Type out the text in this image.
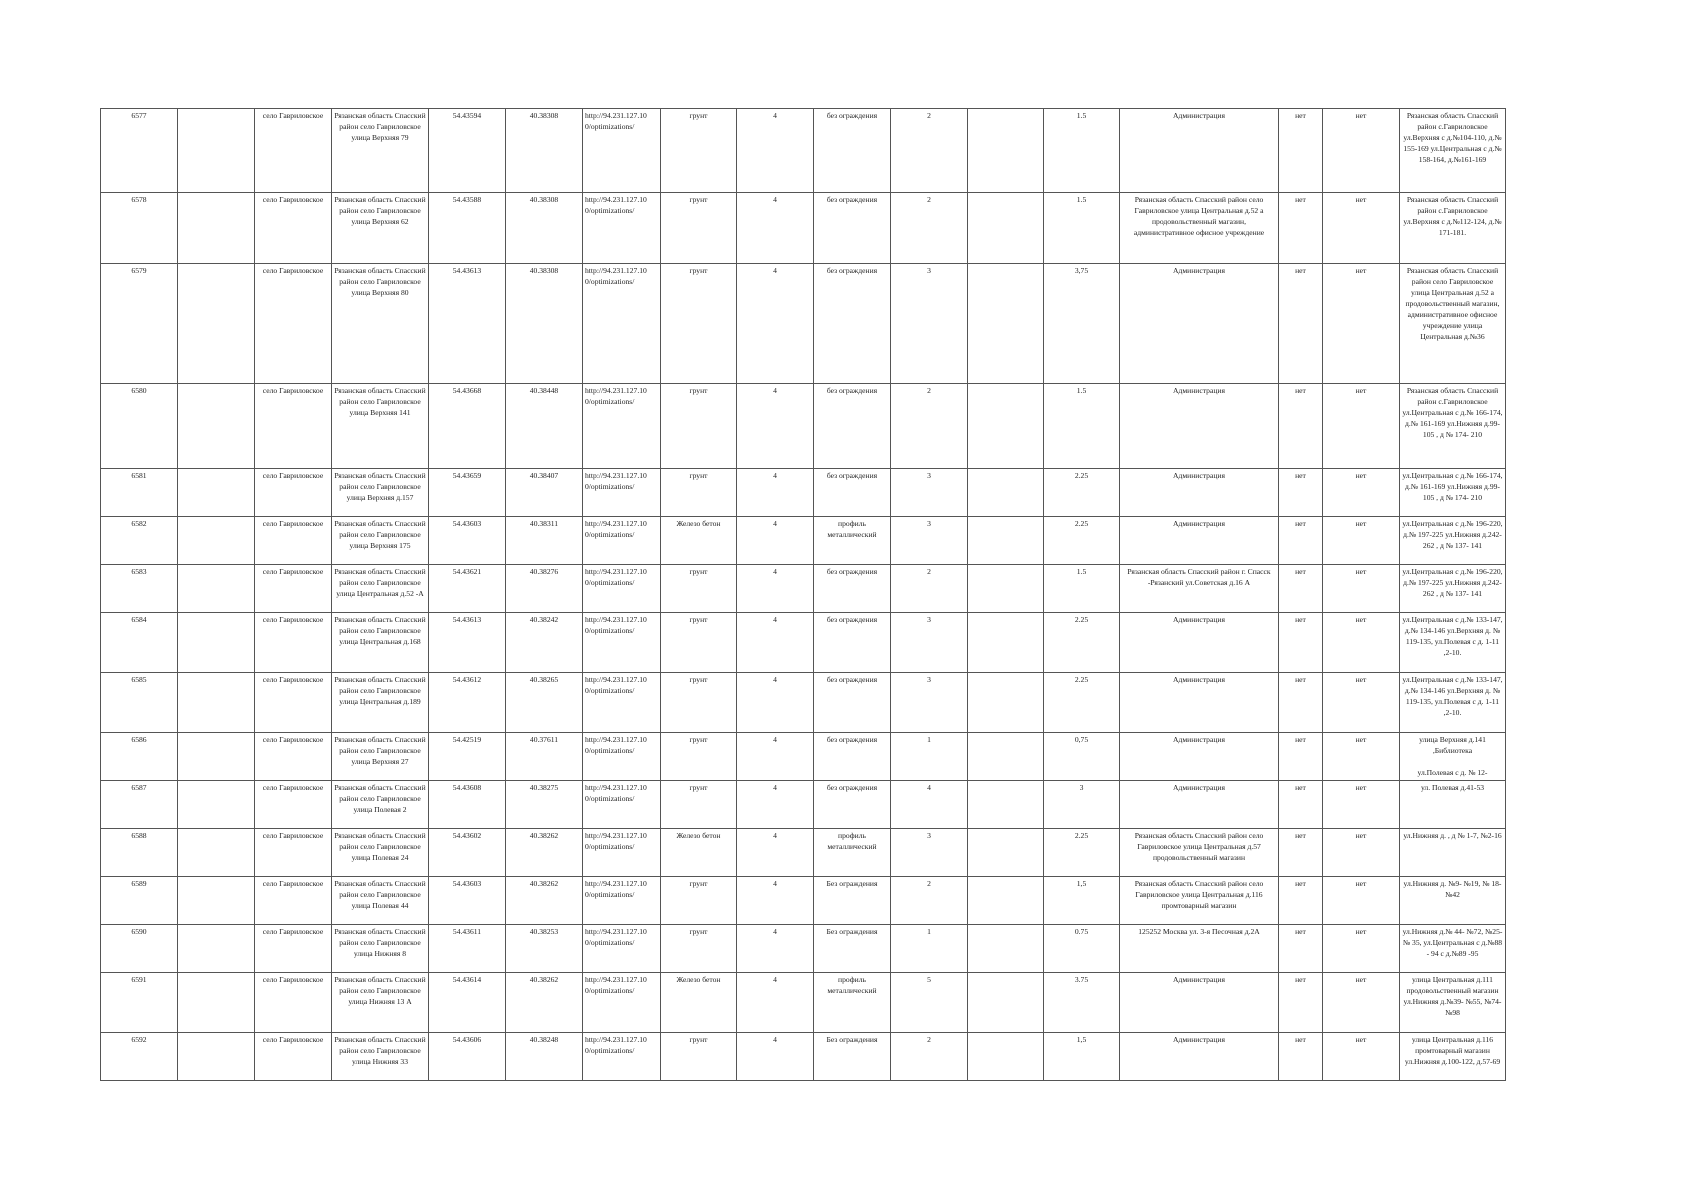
6577		село Гавриловское	Рязанская область Спасский район село Гавриловское улица Верхняя 79	54.43594	40.38308	http://94.231.127.10 0/optimizations/	грунт	4	без ограждения	2		1.5	Администрация	нет	нет	Рязанская область Спасский район с.Гавриловское ул.Верхняя с д.№104-110, д.№ 155-169 ул.Центральная с д.№ 158-164, д.№161-169
6578		село Гавриловское	Рязанская область Спасский район село Гавриловское улица Верхняя 62	54.43588	40.38308	http://94.231.127.10 0/optimizations/	грунт	4	без ограждения	2		1.5	Рязанская область Спасский район село Гавриловское улица Центральная д.52 а продовольственный магазин, административное офисное учреждение	нет	нет	Рязанская область Спасский район с.Гавриловское ул.Верхняя с д.№112-124, д.№ 171-181.
6579		село Гавриловское	Рязанская область Спасский район село Гавриловское улица Верхняя 80	54.43613	40.38308	http://94.231.127.10 0/optimizations/	грунт	4	без ограждения	3		3,75	Администрация	нет	нет	Рязанская область Спасский район село Гавриловское улица Центральная д.52 а продовольственный магазин, административное офисное учреждение улица Центральная д.№36
6580		село Гавриловское	Рязанская область Спасский район село Гавриловское улица Верхняя 141	54.43668	40.38448	http://94.231.127.10 0/optimizations/	грунт	4	без ограждения	2		1.5	Администрация	нет	нет	Рязанская область Спасский район с.Гавриловское ул.Центральная с д.№ 166-174, д.№ 161-169 ул.Нижняя д.99-105 , д № 174- 210
6581		село Гавриловское	Рязанская область Спасский район село Гавриловское улица Верхняя д.157	54.43659	40.38407	http://94.231.127.10 0/optimizations/	грунт	4	без ограждения	3		2.25	Администрация	нет	нет	ул.Центральная с д.№ 166-174, д.№ 161-169 ул.Нижняя д.99-105 , д № 174- 210
6582		село Гавриловское	Рязанская область Спасский район село Гавриловское улица Верхняя 175	54.43603	40.38311	http://94.231.127.10 0/optimizations/	Железо бетон	4	профиль металлический	3		2.25	Администрация	нет	нет	ул.Центральная с д.№ 196-220, д.№ 197-225 ул.Нижняя д.242-262 , д № 137- 141
6583		село Гавриловское	Рязанская область Спасский район село Гавриловское улица Центральная д.52 -А	54.43621	40.38276	http://94.231.127.10 0/optimizations/	грунт	4	без ограждения	2		1.5	Рязанская область Спасский район г. Спасск -Рязанский ул.Советская д.16 А	нет	нет	ул.Центральная с д.№ 196-220, д.№ 197-225 ул.Нижняя д.242-262 , д № 137- 141
6584		село Гавриловское	Рязанская область Спасский район село Гавриловское улица Центральная д.168	54.43613	40.38242	http://94.231.127.10 0/optimizations/	грунт	4	без ограждения	3		2.25	Администрация	нет	нет	ул.Центральная с д.№ 133-147, д.№ 134-146 ул.Верхняя д. № 119-135, ул.Полевая с д. 1-11 ,2-10.
6585		село Гавриловское	Рязанская область Спасский район село Гавриловское улица Центральная д.189	54.43612	40.38265	http://94.231.127.10 0/optimizations/	грунт	4	без ограждения	3		2.25	Администрация	нет	нет	ул.Центральная с д.№ 133-147, д.№ 134-146 ул.Верхняя д. № 119-135, ул.Полевая с д. 1-11 ,2-10.
6586		село Гавриловское	Рязанская область Спасский район село Гавриловское улица Верхняя 27	54.42519	40.37611	http://94.231.127.10 0/optimizations/	грунт	4	без ограждения	1		0,75	Администрация	нет	нет	улица Верхняя д.141 ,Библиотека

ул.Полевая с д. № 12-
6587		село Гавриловское	Рязанская область Спасский район село Гавриловское улица Полевая 2	54.43608	40.38275	http://94.231.127.10 0/optimizations/	грунт	4	без ограждения	4		3	Администрация	нет	нет	ул. Полевая д.41-53
6588		село Гавриловское	Рязанская область Спасский район село Гавриловское улица Полевая 24	54.43602	40.38262	http://94.231.127.10 0/optimizations/	Железо бетон	4	профиль металлический	3		2.25	Рязанская область Спасский район село Гавриловское улица Центральная д.57 продовольственный магазин	нет	нет	ул.Нижняя д. , д № 1-7, №2-16
6589		село Гавриловское	Рязанская область Спасский район село Гавриловское улица Полевая 44	54.43603	40.38262	http://94.231.127.10 0/optimizations/	грунт	4	Без ограждения	2		1,5	Рязанская область Спасский район село Гавриловское улица Центральная д.116 промтоварный магазин	нет	нет	ул.Нижняя д. №9- №19, № 18- №42
6590		село Гавриловское	Рязанская область Спасский район село Гавриловское улица Нижняя 8	54.43611	40.38253	http://94.231.127.10 0/optimizations/	грунт	4	Без ограждения	1		0.75	125252 Москва ул. 3-я Песочная д.2А	нет	нет	ул.Нижняя д.№ 44- №72, №25- № 35, ул.Центральная с д.№88 - 94 с д.№89 -95
6591		село Гавриловское	Рязанская область Спасский район село Гавриловское улица Нижняя 13 А	54.43614	40.38262	http://94.231.127.10 0/optimizations/	Железо бетон	4	профиль металлический	5		3.75	Администрация	нет	нет	улица Центральная д.111 продовольственный магазин ул.Нижняя д.№39- №55, №74- №98
6592		село Гавриловское	Рязанская область Спасский район село Гавриловское улица Нижняя 33	54.43606	40.38248	http://94.231.127.10 0/optimizations/	грунт	4	Без ограждения	2		1,5	Администрация	нет	нет	улица Центральная д.116 промтоварный магазин ул.Нижняя д.100-122, д.57-69
